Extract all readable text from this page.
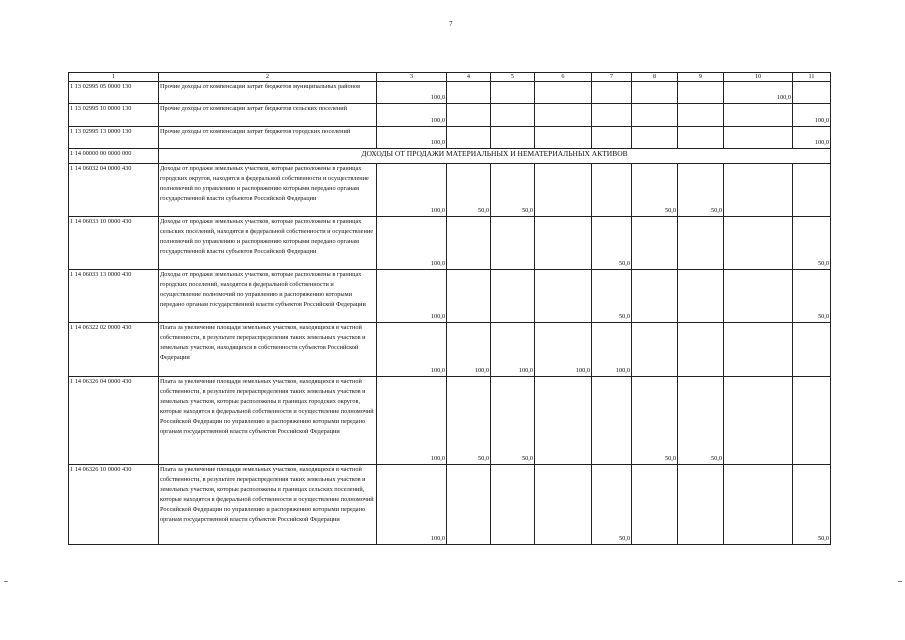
7
1	2	3	4	5	6	7	8	9	10	11
1 13 02995 05 0000 130	Прочие доходы от компенсации затрат бюджетов муниципальных районов	100,0							100,0	
1 13 02995 10 0000 130	Прочие доходы от компенсации затрат бюджетов сельских поселений	100,0								100,0
1 13 02995 13 0000 130	Прочие доходы от компенсации затрат бюджетов городских поселений	100,0								100,0
1 14 00000 00 0000 000	ДОХОДЫ ОТ ПРОДАЖИ МАТЕРИАЛЬНЫХ И НЕМАТЕРИАЛЬНЫХ АКТИВОВ									
1 14 06032 04 0000 430	Доходы от продажи земельных участков, которые расположены в границах городских округов, находятся в федеральной собственности и осуществление полномочий по управлению и распоряжению которыми передано органам государственной власти субъектов Российской Федерации	100,0	50,0	50,0			50,0	50,0		
1 14 06033 10 0000 430	Доходы от продажи земельных участков, которые расположены в границах сельских поселений, находятся в федеральной собственности и осуществление полномочий по управлению и распоряжению которыми передано органам государственной власти субъектов Российской Федерации	100,0				50,0				50,0
1 14 06033 13 0000 430	Доходы от продажи земельных участков, которые расположены в границах городских поселений, находятся в федеральной собственности и осуществление полномочий по управлению и распоряжению которыми передано органам государственной власти субъектов Российской Федерации	100,0				50,0				50,0
1 14 06322 02 0000 430	Плата за увеличение площади земельных участков, находящихся в частной собственности, в результате перераспределения таких земельных участков и земельных участков, находящихся в собственности субъектов Российской Федерации	100,0	100,0	100,0	100,0	100,0				
1 14 06326 04 0000 430	Плата за увеличение площади земельных участков, находящихся в частной собственности, в результате перераспределения таких земельных участков и земельных участков, которые расположены в границах городских округов, которые находятся в федеральной собственности и осуществление полномочий Российской Федерации по управлению и распоряжению которыми передано органам государственной власти субъектов Российской Федерации	100,0	50,0	50,0			50,0	50,0		
1 14 06326 10 0000 430	Плата за увеличение площади земельных участков, находящихся в частной собственности, в результате перераспределения таких земельных участков и земельных участков, которые расположены в границах сельских поселений, которые находятся в федеральной собственности и осуществление полномочий Российской Федерации по управлению и распоряжению которыми передано органам государственной власти субъектов Российской Федерации	100,0				50,0				50,0
